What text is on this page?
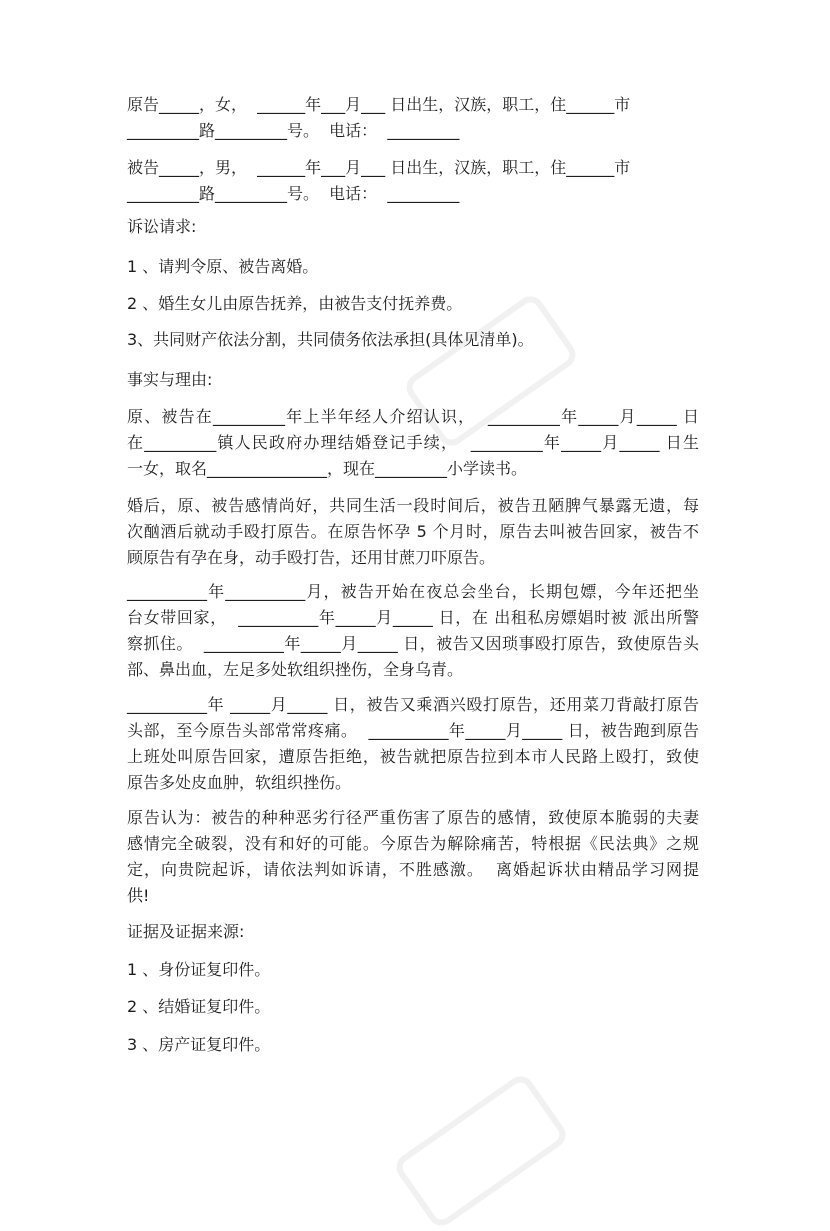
原告_____，女，  ______年___月___ 日出生，汉族，职工，住______市
_________路_________号。  电话：  _________
被告_____，男，  ______年___月___ 日出生，汉族，职工，住______市
_________路_________号。  电话：  _________
诉讼请求:
1 、请判令原、被告离婚。
2 、婚生女儿由原告抚养，由被告支付抚养费。
3、共同财产依法分割，共同债务依法承担(具体见清单)。
事实与理由:
原、被告在_________年上半年经人介绍认识，  _________年_____月_____ 日
在_________镇人民政府办理结婚登记手续，  _________年_____月_____ 日生
一女，取名_______________，现在_________小学读书。
婚后，原、被告感情尚好，共同生活一段时间后，被告丑陋脾气暴露无遗，每
次酗酒后就动手殴打原告。在原告怀孕 5 个月时，原告去叫被告回家，被告不
顾原告有孕在身，动手殴打告，还用甘蔗刀吓原告。
__________年__________月，被告开始在夜总会坐台，长期包嫖，今年还把坐
台女带回家，  __________年_____月_____ 日，在 出租私房嫖娼时被 派出所警
察抓住。  __________年_____月_____ 日，被告又因琐事殴打原告，致使原告头
部、鼻出血，左足多处软组织挫伤，全身乌青。
__________年 _____月_____ 日，被告又乘酒兴殴打原告，还用菜刀背敲打原告
头部，至今原告头部常常疼痛。  __________年_____月_____ 日，被告跑到原告
上班处叫原告回家，遭原告拒绝，被告就把原告拉到本市人民路上殴打，致使
原告多处皮血肿，软组织挫伤。
原告认为：被告的种种恶劣行径严重伤害了原告的感情，致使原本脆弱的夫妻
感情完全破裂，没有和好的可能。今原告为解除痛苦，特根据《民法典》之规
定，向贵院起诉，请依法判如诉请，不胜感激。  离婚起诉状由精品学习网提
供!
证据及证据来源:
1 、身份证复印件。
2 、结婚证复印件。
3 、房产证复印件。
